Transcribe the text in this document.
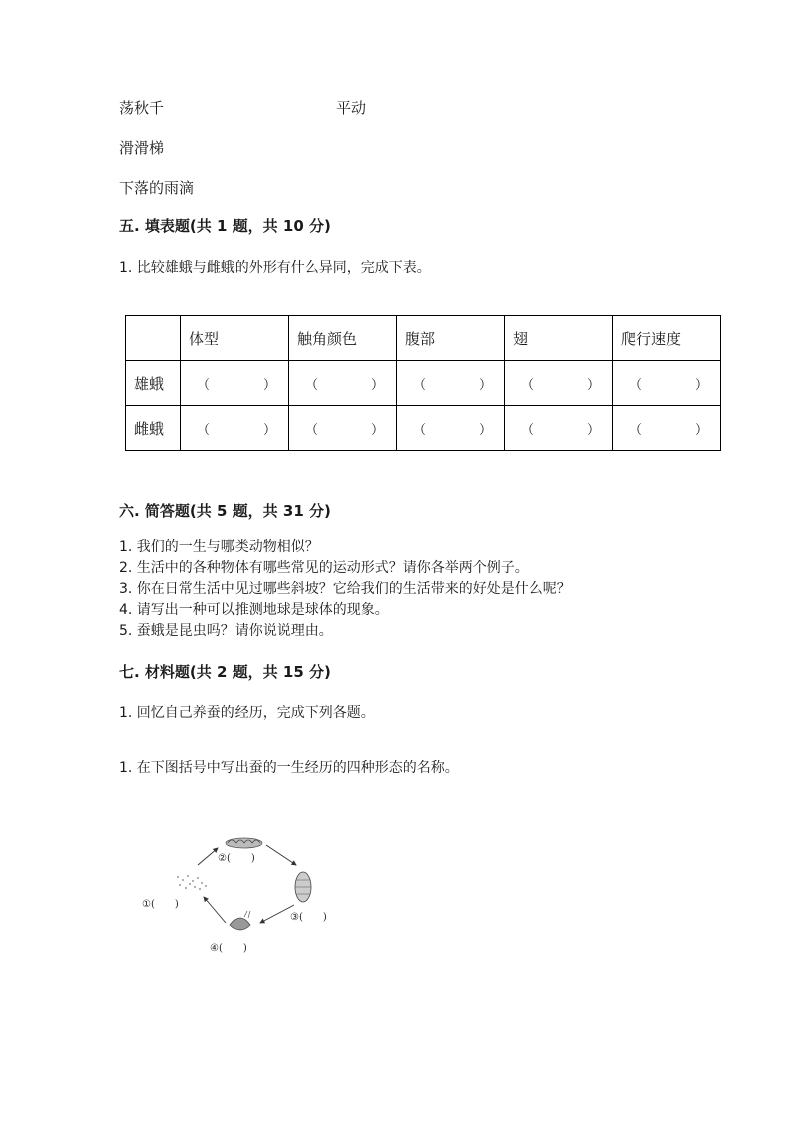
荡秋千	平动
滑滑梯
下落的雨滴
五. 填表题(共 1 题，共 10 分)
1. 比较雄蛾与雌蛾的外形有什么异同，完成下表。
	体型	触角颜色	腹部	翅	爬行速度
雄蛾	（ ）	（ ）	（ ）	（ ）	（ ）

雌蛾	（ ）	（ ）	（ ）	（ ）	（ ）
六. 简答题(共 5 题，共 31 分)
1. 我们的一生与哪类动物相似？
2. 生活中的各种物体有哪些常见的运动形式？请你各举两个例子。
3. 你在日常生活中见过哪些斜坡？它给我们的生活带来的好处是什么呢？
4. 请写出一种可以推测地球是球体的现象。
5. 蚕蛾是昆虫吗？请你说说理由。
七. 材料题(共 2 题，共 15 分)
1. 回忆自己养蚕的经历，完成下列各题。
1. 在下图括号中写出蚕的一生经历的四种形态的名称。
②(　　)
①(　　)
③(　　)
④(　　)
